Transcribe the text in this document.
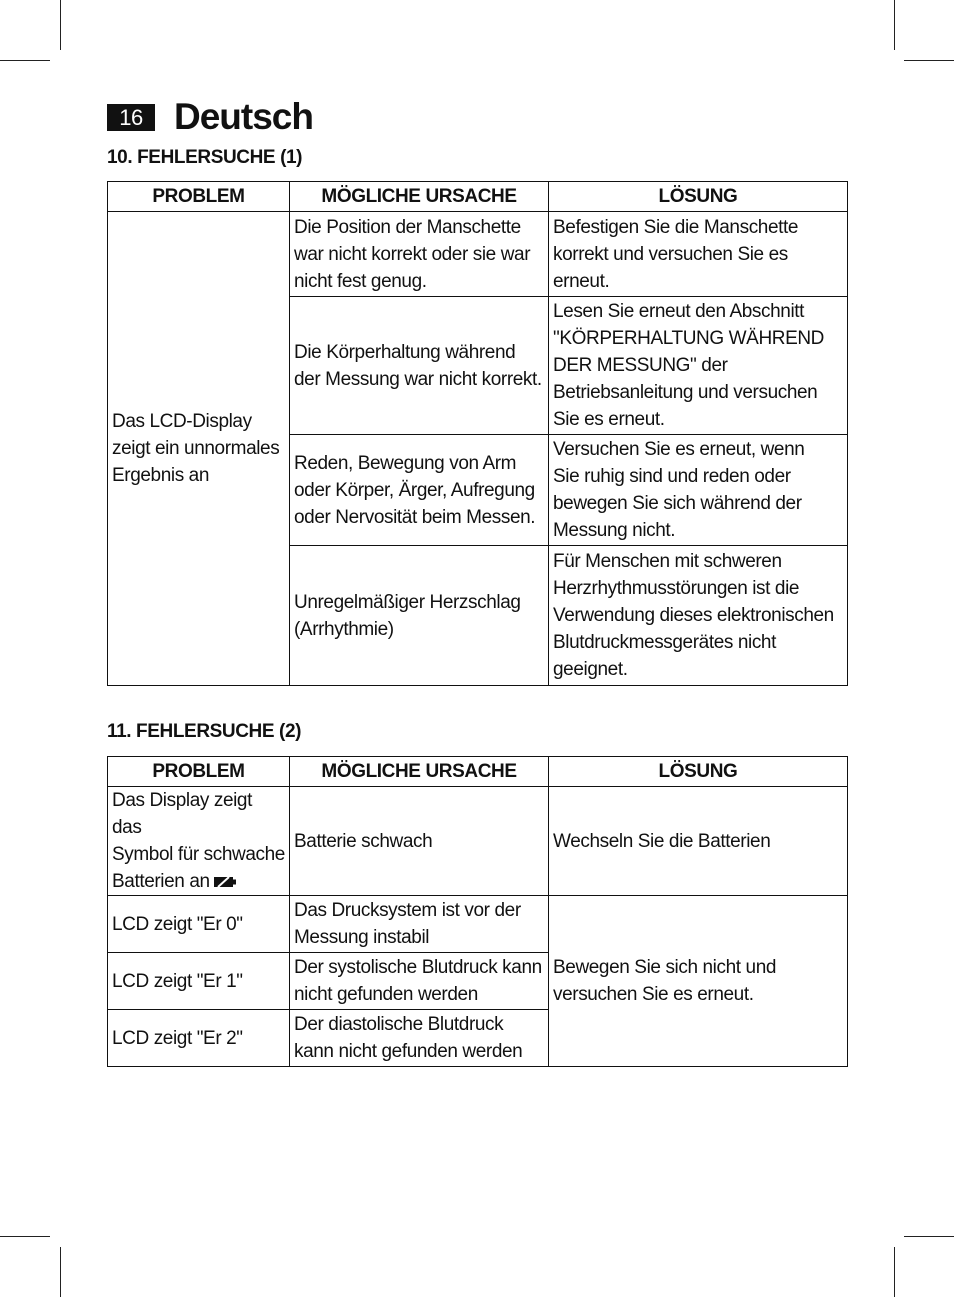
16 Deutsch
10. FEHLERSUCHE (1)
PROBLEM	MÖGLICHE URSACHE	LÖSUNG

Das LCD-Display
zeigt ein unnormales
Ergebnis an	Die Position der Manschette
war nicht korrekt oder sie war
nicht fest genug.	Befestigen Sie die Manschette
korrekt und versuchen Sie es
erneut.

	Die Körperhaltung während
der Messung war nicht korrekt.	Lesen Sie erneut den Abschnitt
"KÖRPERHALTUNG WÄHREND
DER MESSUNG" der
Betriebsanleitung und versuchen
Sie es erneut.

	Reden, Bewegung von Arm
oder Körper, Ärger, Aufregung
oder Nervosität beim Messen.	Versuchen Sie es erneut, wenn
Sie ruhig sind und reden oder
bewegen Sie sich während der
Messung nicht.

	Unregelmäßiger Herzschlag
(Arrhythmie)	Für Menschen mit schweren
Herzrhythmusstörungen ist die
Verwendung dieses elektronischen
Blutdruckmessgerätes nicht
geeignet.
11. FEHLERSUCHE (2)
PROBLEM	MÖGLICHE URSACHE	LÖSUNG
Das Display zeigt das
Symbol für schwache
Batterien an	Batterie schwach	Wechseln Sie die Batterien

LCD zeigt "Er 0"	Das Drucksystem ist vor der
Messung instabil	Bewegen Sie sich nicht und
versuchen Sie es erneut.

LCD zeigt "Er 1"	Der systolische Blutdruck kann
nicht gefunden werden	

LCD zeigt "Er 2"	Der diastolische Blutdruck
kann nicht gefunden werden	
